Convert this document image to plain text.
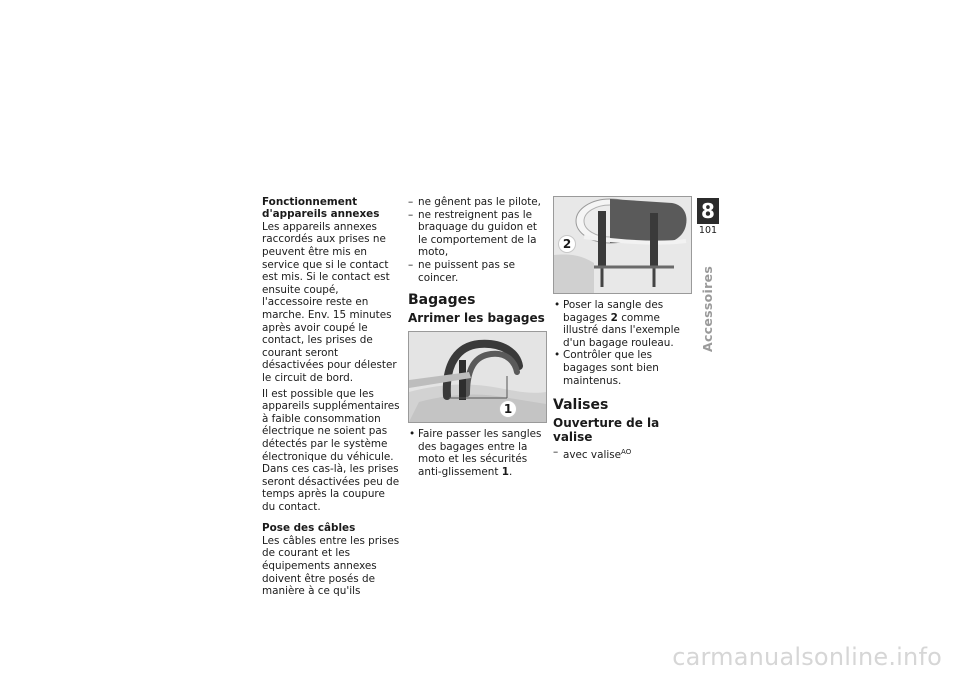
Fonctionnement d'appareils annexes

Les appareils annexes raccordés aux prises ne peuvent être mis en service que si le contact est mis. Si le contact est ensuite coupé, l'accessoire reste en marche. Env. 15 minutes après avoir coupé le contact, les prises de courant seront désactivées pour délester le circuit de bord.

Il est possible que les appareils supplémentaires à faible consommation électrique ne soient pas détectés par le système électronique du véhicule. Dans ces cas-là, les prises seront désactivées peu de temps après la coupure du contact.

Pose des câbles

Les câbles entre les prises de courant et les équipements annexes doivent être posés de manière à ce qu'ils

– ne gênent pas le pilote,
– ne restreignent pas le braquage du guidon et le comportement de la moto,
– ne puissent pas se coincer.
Bagages
Arrimer les bagages
1
• Faire passer les sangles des bagages entre la moto et les sécurités anti-glissement 1.
2
• Poser la sangle des bagages 2 comme illustré dans l'exemple d'un bagage rouleau.
• Contrôler que les bagages sont bien maintenus.
Valises
Ouverture de la valise
– avec valise$^{AO}$
8
101
Accessoires
carmanualsonline.info
